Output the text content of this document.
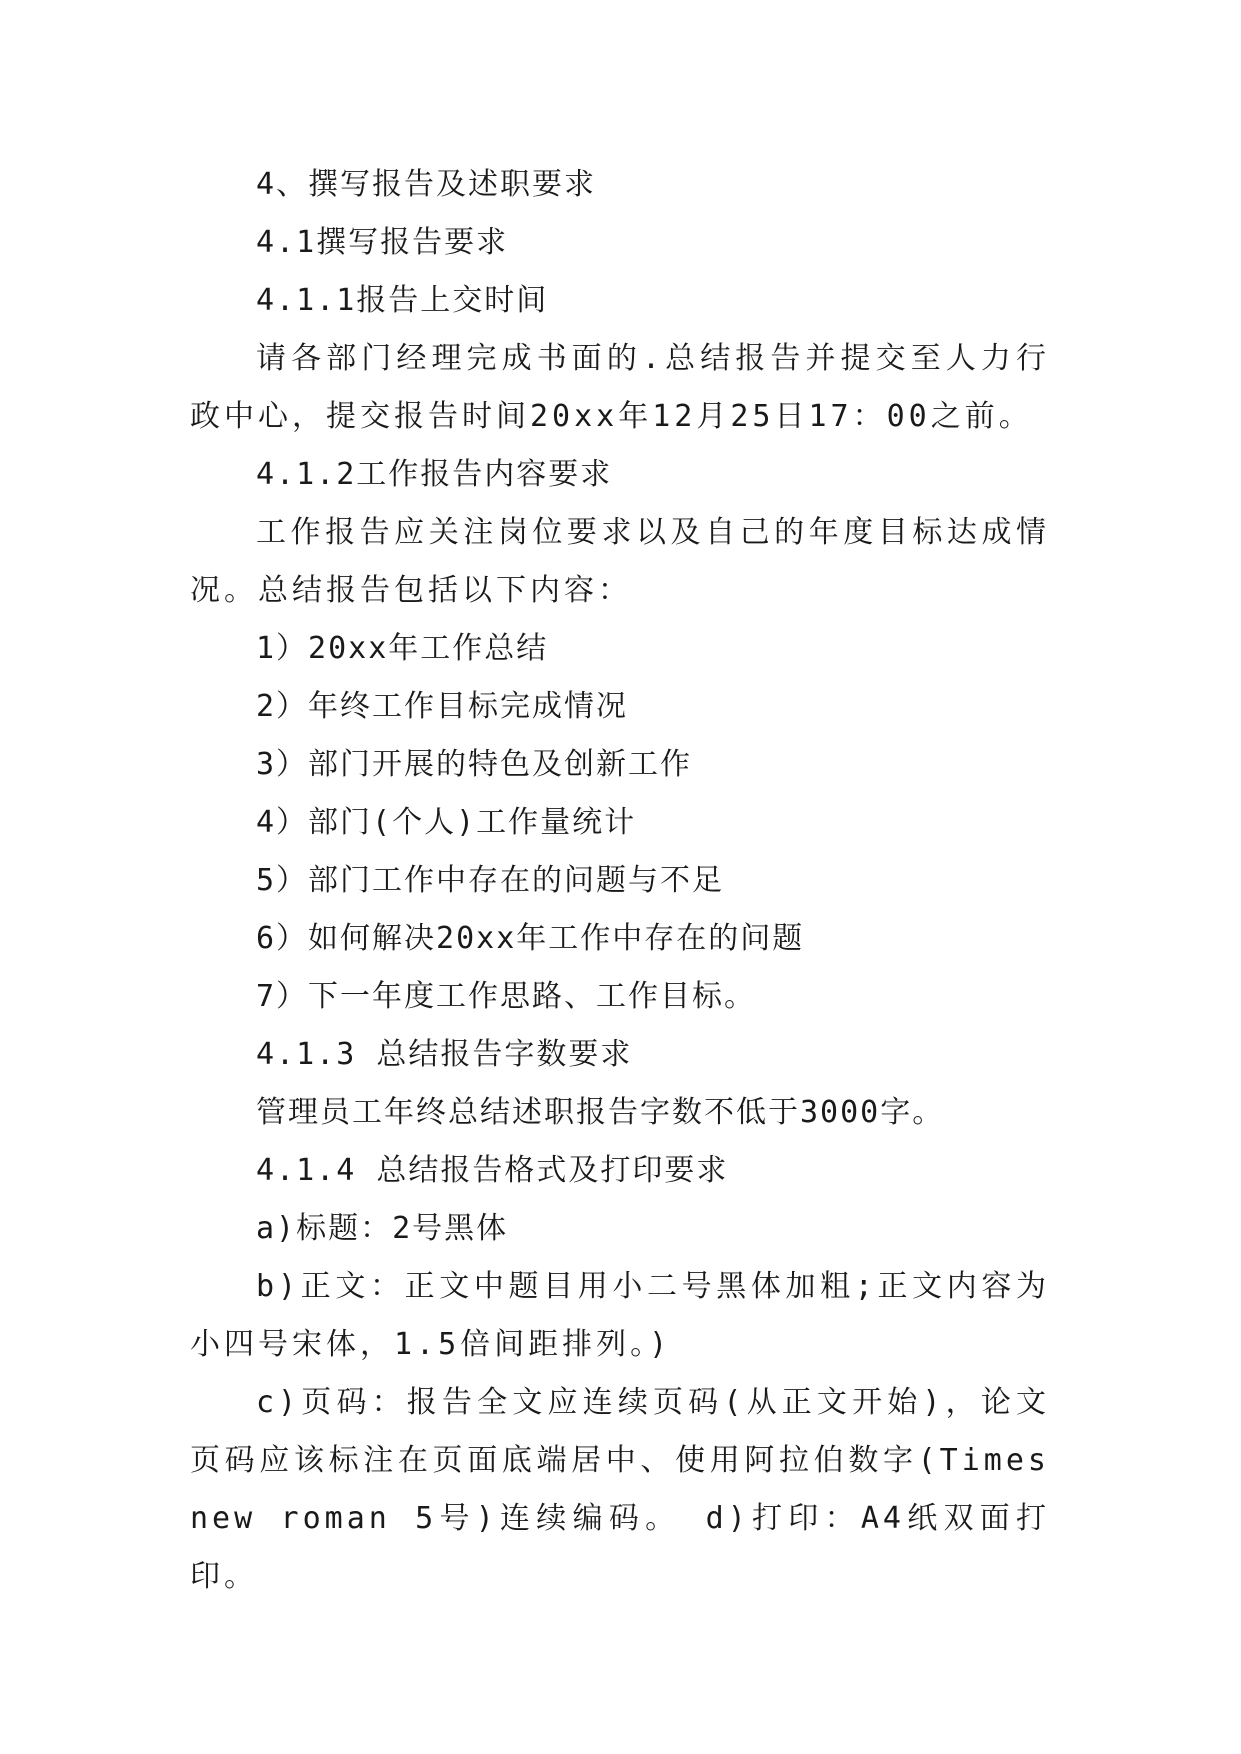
4、撰写报告及述职要求

4.1撰写报告要求

4.1.1报告上交时间

请各部门经理完成书面的.总结报告并提交至人力行政中心，提交报告时间20xx年12月25日17：00之前。

4.1.2工作报告内容要求

工作报告应关注岗位要求以及自己的年度目标达成情况。总结报告包括以下内容：

1）20xx年工作总结

2）年终工作目标完成情况

3）部门开展的特色及创新工作

4）部门(个人)工作量统计

5）部门工作中存在的问题与不足

6）如何解决20xx年工作中存在的问题

7）下一年度工作思路、工作目标。

4.1.3 总结报告字数要求

管理员工年终总结述职报告字数不低于3000字。

4.1.4 总结报告格式及打印要求

a)标题：2号黑体

b)正文：正文中题目用小二号黑体加粗;正文内容为小四号宋体，1.5倍间距排列。)

c)页码：报告全文应连续页码(从正文开始)，论文页码应该标注在页面底端居中、使用阿拉伯数字(Times new roman 5号)连续编码。 d)打印：A4纸双面打印。
